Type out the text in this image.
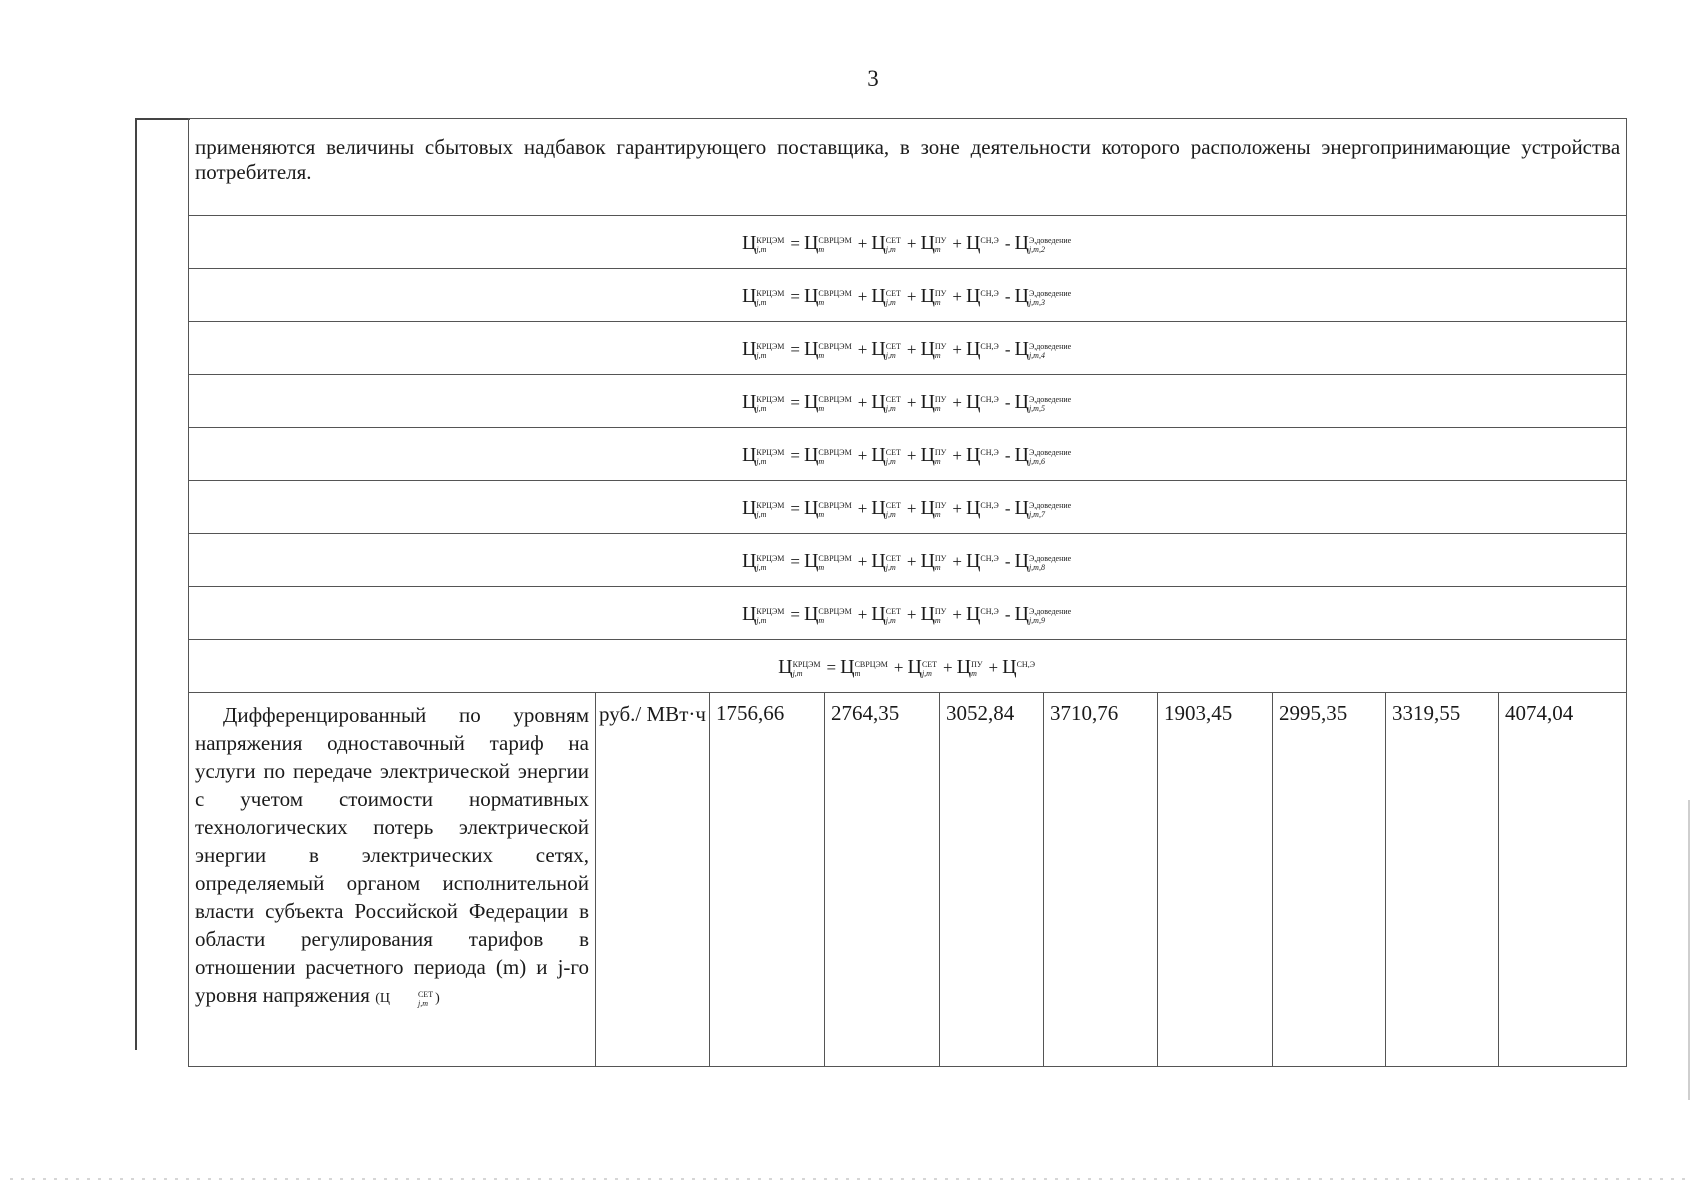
3
применяются величины сбытовых надбавок гарантирующего поставщика, в зоне деятельности которого расположены энергопринимающие устройства потребителя.
Ц КРЦЭМ
j,m	= Ц СВРЦЭМ
m	+ Ц СЕТ
j,m + Ц ПУ
m + Ц СН,Э
- Ц Э,доведение
j,m,2

Ц КРЦЭМ
j,m	= Ц СВРЦЭМ
m	+ Ц СЕТ
j,m + Ц ПУ
m + Ц СН,Э
- Ц Э,доведение
j,m,3

Ц КРЦЭМ
j,m	= Ц СВРЦЭМ
m	+ Ц СЕТ
j,m + Ц ПУ
m + Ц СН,Э
- Ц Э,доведение
j,m,4

Ц КРЦЭМ
j,m	= Ц СВРЦЭМ
m	+ Ц СЕТ
j,m + Ц ПУ
m + Ц СН,Э
- Ц Э,доведение
j,m,5

Ц КРЦЭМ
j,m	= Ц СВРЦЭМ
m	+ Ц СЕТ
j,m + Ц ПУ
m + Ц СН,Э
- Ц Э,доведение
j,m,6

Ц КРЦЭМ
j,m	= Ц СВРЦЭМ
m	+ Ц СЕТ
j,m + Ц ПУ
m + Ц СН,Э
- Ц Э,доведение
j,m,7

Ц КРЦЭМ
j,m	= Ц СВРЦЭМ
m	+ Ц СЕТ
j,m + Ц ПУ
m + Ц СН,Э
- Ц Э,доведение
j,m,8

Ц КРЦЭМ
j,m	= Ц СВРЦЭМ
m	+ Ц СЕТ
j,m + Ц ПУ
m + Ц СН,Э
- Ц Э,доведение
j,m,9

Ц КРЦЭМ
j,m	= Ц СВРЦЭМ
m	+ Ц СЕТ
j,m + Ц ПУ
m + Ц СН,Э

Дифференцированный по уровням напряжения одноставочный тариф на услуги по передаче электрической энергии с учетом стоимости нормативных технологических потерь электрической энергии в электрических сетях, определяемый органом исполнительной власти субъекта Российской Федерации в области регулирования тарифов в отношении расчетного периода (m) и j-го уровня напряжения (Ц	СЕТ
j,m )	руб./ МВт·ч	1756,66	2764,35	3052,84	3710,76	1903,45	2995,35	3319,55	4074,04
